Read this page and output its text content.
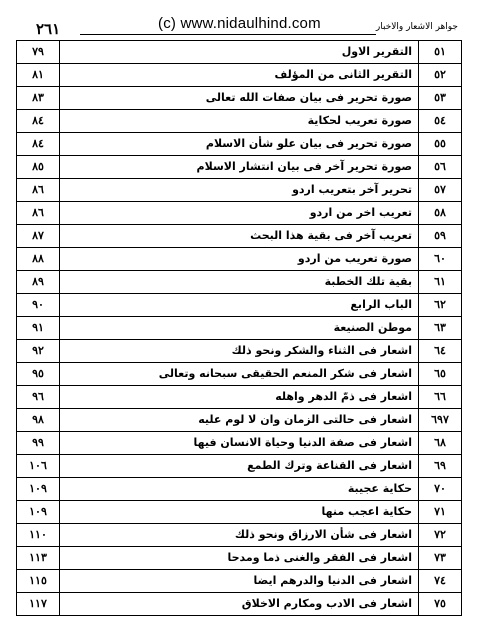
٢٦١	(c) www.nidaulhind.com	جواهر الاشعار والاخبار
٥١	التقرير الاول	٧٩
٥٢	التقرير الثانى من المؤلف	٨١
٥٣	صورة تحرير فى بيان صفات الله تعالى	٨٣
٥٤	صورة تعريب لحكاية	٨٤
٥٥	صورة تحرير فى بيان علو شأن الاسلام	٨٤
٥٦	صورة تحرير آخر فى بيان انتشار الاسلام	٨٥
٥٧	تحرير آخر بتعريب اردو	٨٦
٥٨	تعريب اخر من اردو	٨٦
٥٩	تعريب آخر فى بقية هذا البحث	٨٧
٦٠	صورة تعريب من اردو	٨٨
٦١	بقية تلك الخطبة	٨٩
٦٢	الباب الرابع	٩٠
٦٣	موطن الصنيعة	٩١
٦٤	اشعار فى الثناء والشكر ونحو ذلك	٩٢
٦٥	اشعار فى شكر المنعم الحقيقى سبحانه وتعالى	٩٥
٦٦	اشعار فى ذمّ الدهر واهله	٩٦
٦٩٧	اشعار فى حالتى الزمان وان لا لوم عليه	٩٨
٦٨	اشعار فى صفة الدنيا وحياة الانسان فيها	٩٩
٦٩	اشعار فى القناعة وترك الطمع	١٠٦
٧٠	حكاية عجيبة	١٠٩
٧١	حكاية اعجب منها	١٠٩
٧٢	اشعار فى شأن الارزاق ونحو ذلك	١١٠
٧٣	اشعار فى الفقر والغنى ذما ومدحا	١١٣
٧٤	اشعار فى الدنيا والدرهم ايضا	١١٥
٧٥	اشعار فى الادب ومكارم الاخلاق	١١٧
